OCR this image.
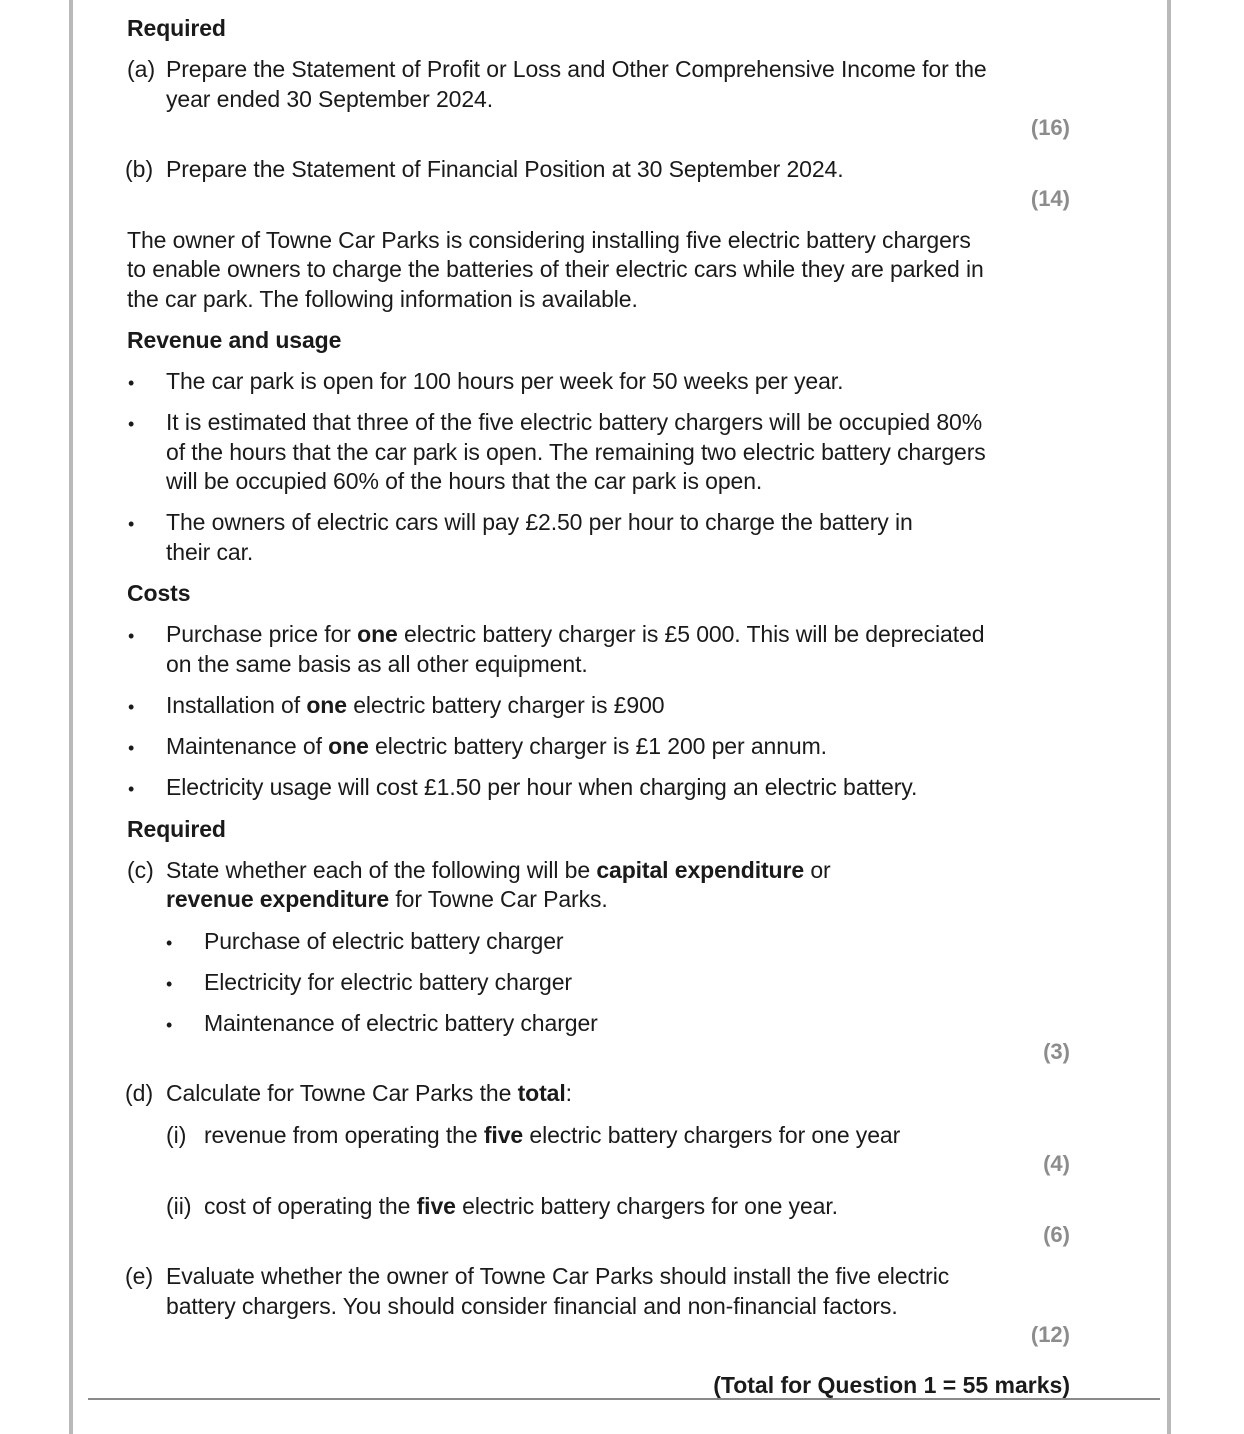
Required
(a) Prepare the Statement of Profit or Loss and Other Comprehensive Income for the
year ended 30 September 2024.
(16)
(b) Prepare the Statement of Financial Position at 30 September 2024.
(14)
The owner of Towne Car Parks is considering installing five electric battery chargers
to enable owners to charge the batteries of their electric cars while they are parked in
the car park. The following information is available.
Revenue and usage
• The car park is open for 100 hours per week for 50 weeks per year.
• It is estimated that three of the five electric battery chargers will be occupied 80%
of the hours that the car park is open. The remaining two electric battery chargers
will be occupied 60% of the hours that the car park is open.
• The owners of electric cars will pay £2.50 per hour to charge the battery in
their car.
Costs
• Purchase price for one electric battery charger is £5 000. This will be depreciated
on the same basis as all other equipment.
• Installation of one electric battery charger is £900
• Maintenance of one electric battery charger is £1 200 per annum.
• Electricity usage will cost £1.50 per hour when charging an electric battery.
Required
(c) State whether each of the following will be capital expenditure or
revenue expenditure for Towne Car Parks.
• Purchase of electric battery charger
• Electricity for electric battery charger
• Maintenance of electric battery charger
(3)
(d) Calculate for Towne Car Parks the total:
(i) revenue from operating the five electric battery chargers for one year
(4)
(ii) cost of operating the five electric battery chargers for one year.
(6)
(e) Evaluate whether the owner of Towne Car Parks should install the five electric
battery chargers. You should consider financial and non-financial factors.
(12)
(Total for Question 1 = 55 marks)
